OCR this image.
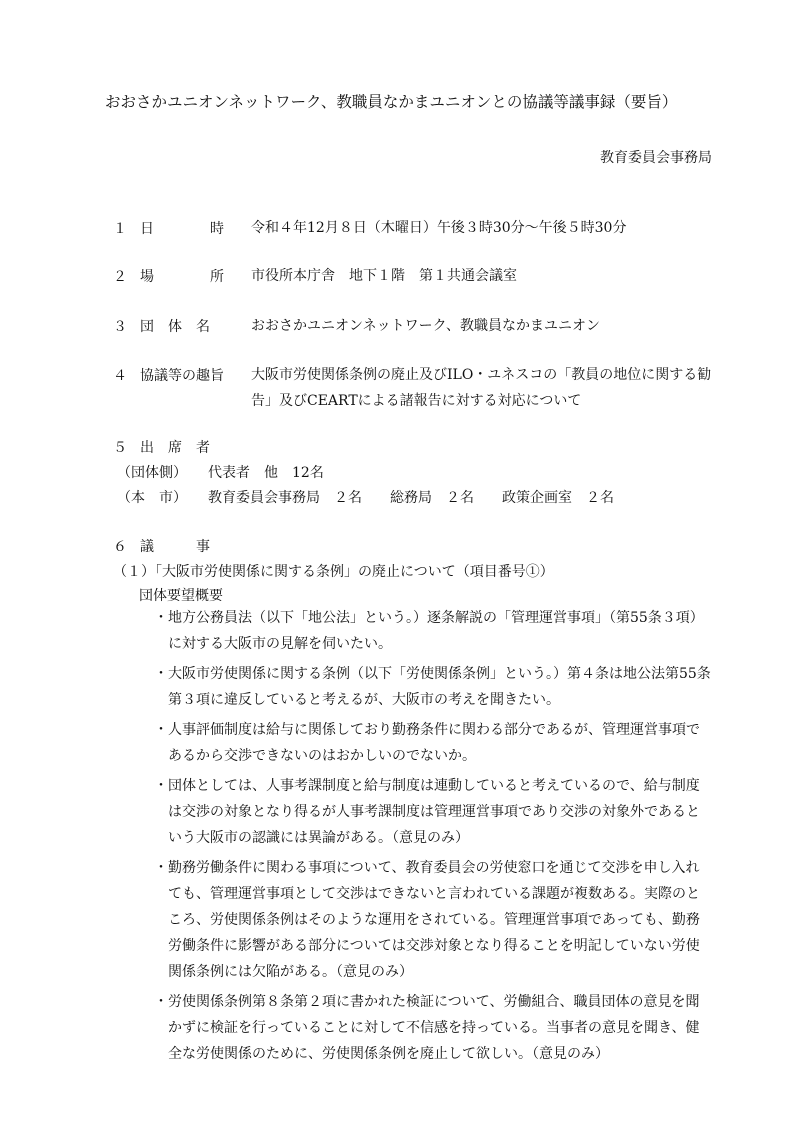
おおさかユニオンネットワーク、教職員なかまユニオンとの協議等議事録（要旨）
教育委員会事務局
１ 日　　　　時 令和４年12月８日（木曜日）午後３時30分～午後５時30分
２ 場　　　　所 市役所本庁舎　地下１階　第１共通会議室
３ 団　体　名	おおさかユニオンネットワーク、教職員なかまユニオン
４ 協議等の趣旨 大阪市労使関係条例の廃止及びILO・ユネスコの「教員の地位に関する勧
告」及びCEARTによる諸報告に対する対応について
５ 出　席　者
（団体側） 代表者　他　12名
（本　市） 教育委員会事務局　２名　　総務局　２名　　政策企画室　２名
６ 議　　　事
（１）「大阪市労使関係に関する条例」の廃止について（項目番号①）
団体要望概要
・ 地方公務員法（以下「地公法」という。）逐条解説の「管理運営事項」（第55条３項）
に対する大阪市の見解を伺いたい。
・ 大阪市労使関係に関する条例（以下「労使関係条例」という。）第４条は地公法第55条
第３項に違反していると考えるが、大阪市の考えを聞きたい。
・ 人事評価制度は給与に関係しており勤務条件に関わる部分であるが、管理運営事項で
あるから交渉できないのはおかしいのでないか。
・ 団体としては、人事考課制度と給与制度は連動していると考えているので、給与制度
は交渉の対象となり得るが人事考課制度は管理運営事項であり交渉の対象外であると
いう大阪市の認識には異論がある。（意見のみ）
・ 勤務労働条件に関わる事項について、教育委員会の労使窓口を通じて交渉を申し入れ
ても、管理運営事項として交渉はできないと言われている課題が複数ある。実際のと
ころ、労使関係条例はそのような運用をされている。管理運営事項であっても、勤務
労働条件に影響がある部分については交渉対象となり得ることを明記していない労使
関係条例には欠陥がある。（意見のみ）
・ 労使関係条例第８条第２項に書かれた検証について、労働組合、職員団体の意見を聞
かずに検証を行っていることに対して不信感を持っている。当事者の意見を聞き、健
全な労使関係のために、労使関係条例を廃止して欲しい。（意見のみ）
